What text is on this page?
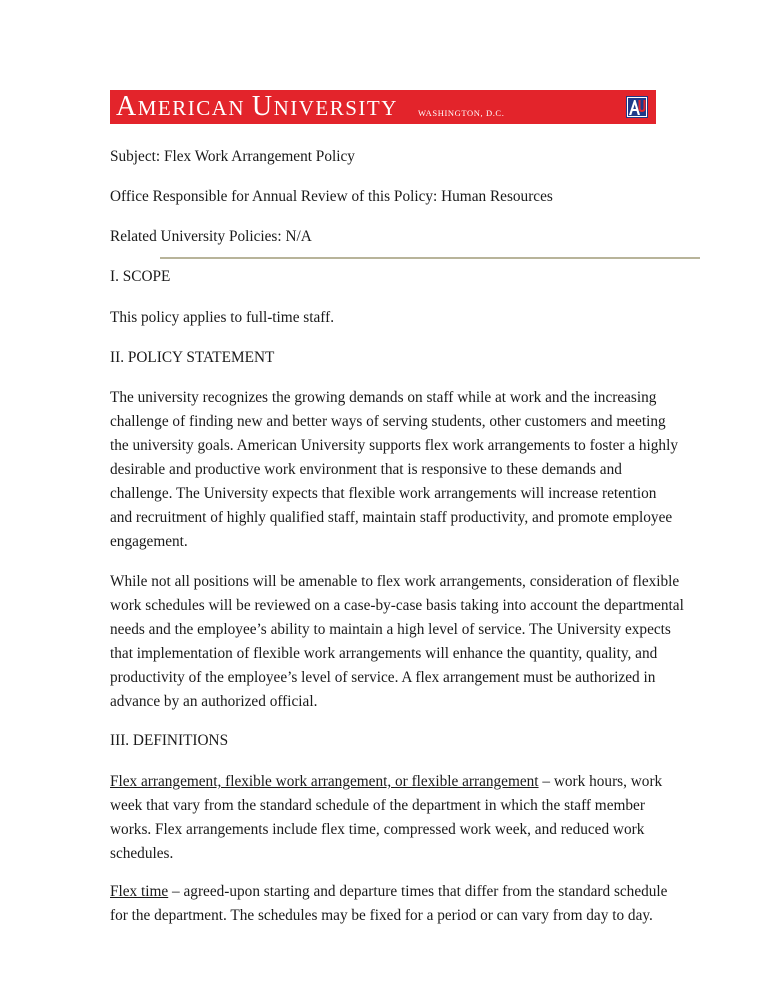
AMERICAN UNIVERSITY WASHINGTON, D.C.

Subject: Flex Work Arrangement Policy

Office Responsible for Annual Review of this Policy: Human Resources

Related University Policies: N/A

I. SCOPE

This policy applies to full-time staff.

II. POLICY STATEMENT

The university recognizes the growing demands on staff while at work and the increasing
challenge of finding new and better ways of serving students, other customers and meeting
the university goals. American University supports flex work arrangements to foster a highly
desirable and productive work environment that is responsive to these demands and
challenge. The University expects that flexible work arrangements will increase retention
and recruitment of highly qualified staff, maintain staff productivity, and promote employee
engagement.
While not all positions will be amenable to flex work arrangements, consideration of flexible
work schedules will be reviewed on a case-by-case basis taking into account the departmental
needs and the employee’s ability to maintain a high level of service. The University expects
that implementation of flexible work arrangements will enhance the quantity, quality, and
productivity of the employee’s level of service. A flex arrangement must be authorized in
advance by an authorized official.

III. DEFINITIONS

Flex arrangement, flexible work arrangement, or flexible arrangement – work hours, work
week that vary from the standard schedule of the department in which the staff member
works. Flex arrangements include flex time, compressed work week, and reduced work
schedules.
Flex time – agreed-upon starting and departure times that differ from the standard schedule
for the department. The schedules may be fixed for a period or can vary from day to day.
